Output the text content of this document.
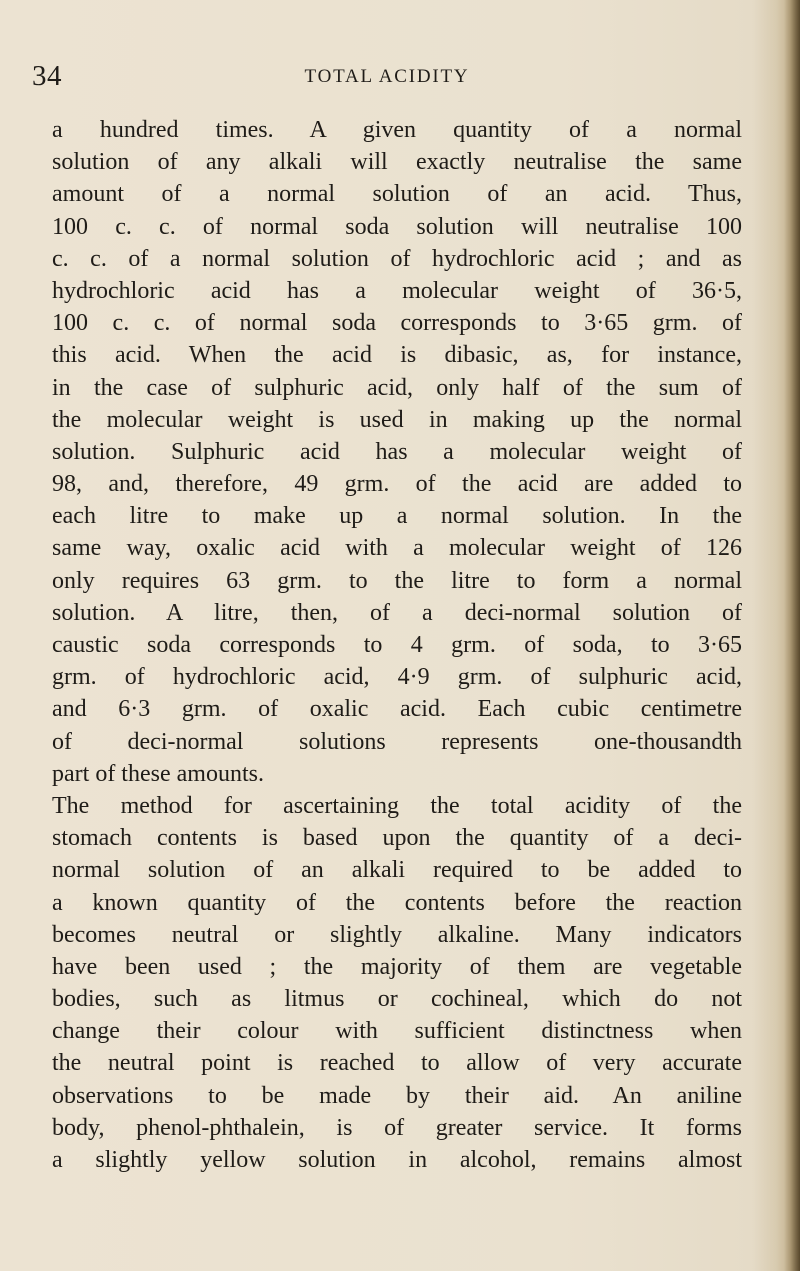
34	TOTAL ACIDITY
a hundred times. A given quantity of a normal
solution of any alkali will exactly neutralise the same
amount of a normal solution of an acid. Thus,
100 c. c. of normal soda solution will neutralise 100
c. c. of a normal solution of hydrochloric acid ; and as
hydrochloric acid has a molecular weight of 36·5,
100 c. c. of normal soda corresponds to 3·65 grm. of
this acid. When the acid is dibasic, as, for instance,
in the case of sulphuric acid, only half of the sum of
the molecular weight is used in making up the normal
solution. Sulphuric acid has a molecular weight of
98, and, therefore, 49 grm. of the acid are added to
each litre to make up a normal solution. In the
same way, oxalic acid with a molecular weight of 126
only requires 63 grm. to the litre to form a normal
solution. A litre, then, of a deci-normal solution of
caustic soda corresponds to 4 grm. of soda, to 3·65
grm. of hydrochloric acid, 4·9 grm. of sulphuric acid,
and 6·3 grm. of oxalic acid. Each cubic centimetre
of deci-normal solutions represents one-thousandth
part of these amounts.
The method for ascertaining the total acidity of the
stomach contents is based upon the quantity of a deci-
normal solution of an alkali required to be added to
a known quantity of the contents before the reaction
becomes neutral or slightly alkaline. Many indicators
have been used ; the majority of them are vegetable
bodies, such as litmus or cochineal, which do not
change their colour with sufficient distinctness when
the neutral point is reached to allow of very accurate
observations to be made by their aid. An aniline
body, phenol-phthalein, is of greater service. It forms
a slightly yellow solution in alcohol, remains almost
